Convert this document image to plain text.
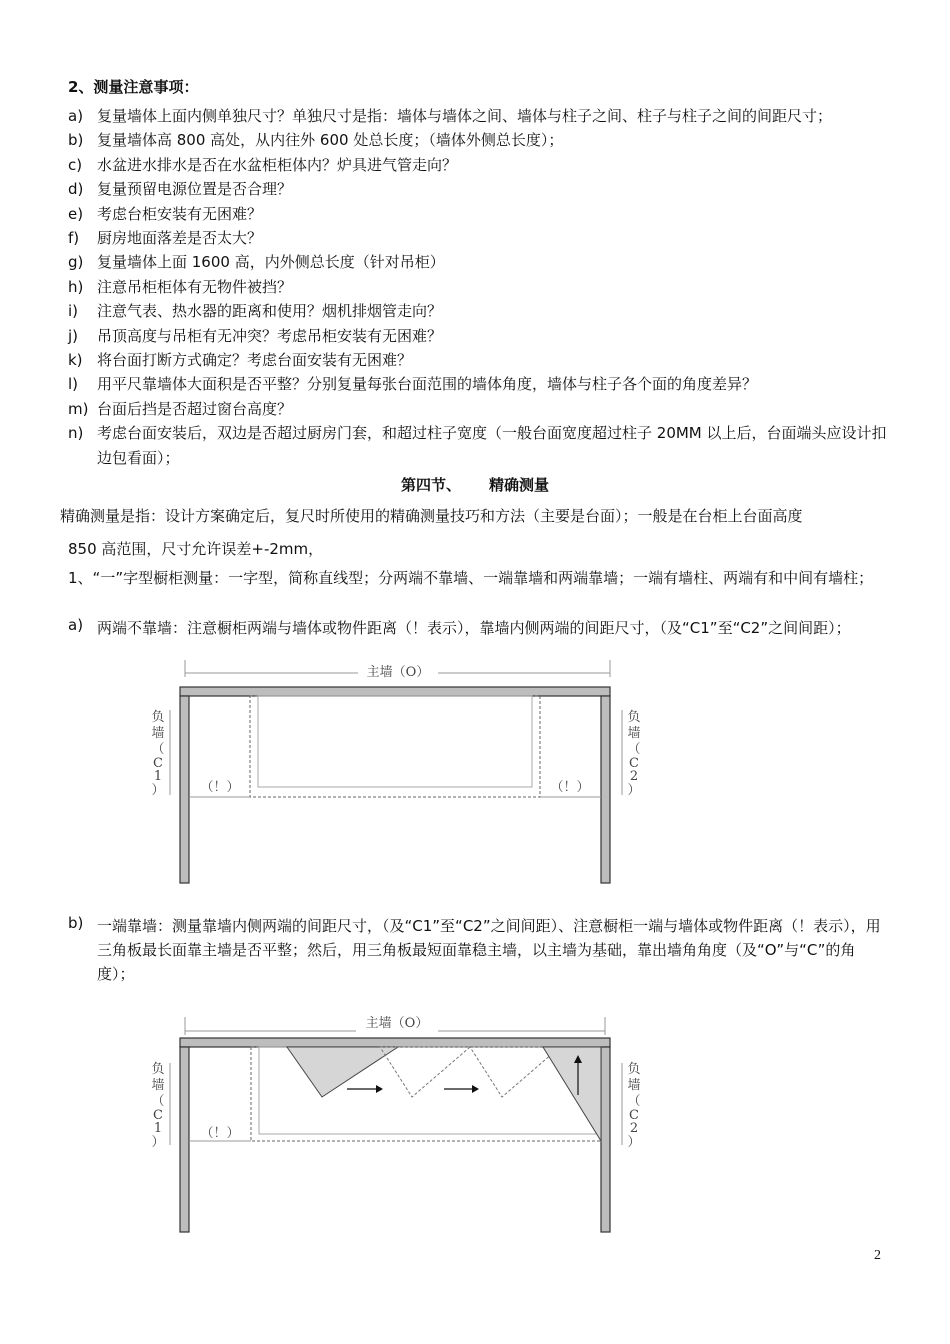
2、测量注意事项：
a) 复量墙体上面内侧单独尺寸？单独尺寸是指：墙体与墙体之间、墙体与柱子之间、柱子与柱子之间的间距尺寸；
b) 复量墙体高 800 高处，从内往外 600 处总长度；（墙体外侧总长度）；
c) 水盆进水排水是否在水盆柜柜体内？炉具进气管走向？
d) 复量预留电源位置是否合理？
e) 考虑台柜安装有无困难？
f) 厨房地面落差是否太大？
g) 复量墙体上面 1600 高，内外侧总长度（针对吊柜）
h) 注意吊柜柜体有无物件被挡？
i) 注意气表、热水器的距离和使用？烟机排烟管走向？
j) 吊顶高度与吊柜有无冲突？考虑吊柜安装有无困难？
k) 将台面打断方式确定？考虑台面安装有无困难？
l) 用平尺靠墙体大面积是否平整？分别复量每张台面范围的墙体角度，墙体与柱子各个面的角度差异？
m) 台面后挡是否超过窗台高度？
n) 考虑台面安装后，双边是否超过厨房门套，和超过柱子宽度（一般台面宽度超过柱子 20MM 以上后，台面端头应设计扣边包看面）；
第四节、 精确测量
精确测量是指：设计方案确定后，复尺时所使用的精确测量技巧和方法（主要是台面）；一般是在台柜上台面高度
850 高范围，尺寸允许误差+-2mm，
1、“一”字型橱柜测量：一字型，简称直线型；分两端不靠墙、一端靠墙和两端靠墙；一端有墙柱、两端有和中间有墙柱；
a) 两端不靠墙：注意橱柜两端与墙体或物件距离（！表示），靠墙内侧两端的间距尺寸，（及“C1”至“C2”之间间距）；
主墙（O）
（！）	（！）
负
墙
（
C
1
）
负
墙
（
C
2
）
b) 一端靠墙：测量靠墙内侧两端的间距尺寸，（及“C1”至“C2”之间间距）、注意橱柜一端与墙体或物件距离（！表示），用三角板最长面靠主墙是否平整；然后，用三角板最短面靠稳主墙，以主墙为基础，靠出墙角角度（及“O”与“C”的角度）；
主墙（O）
（！）
负
墙
（
C
1
）
负
墙
（
C
2
）
2
